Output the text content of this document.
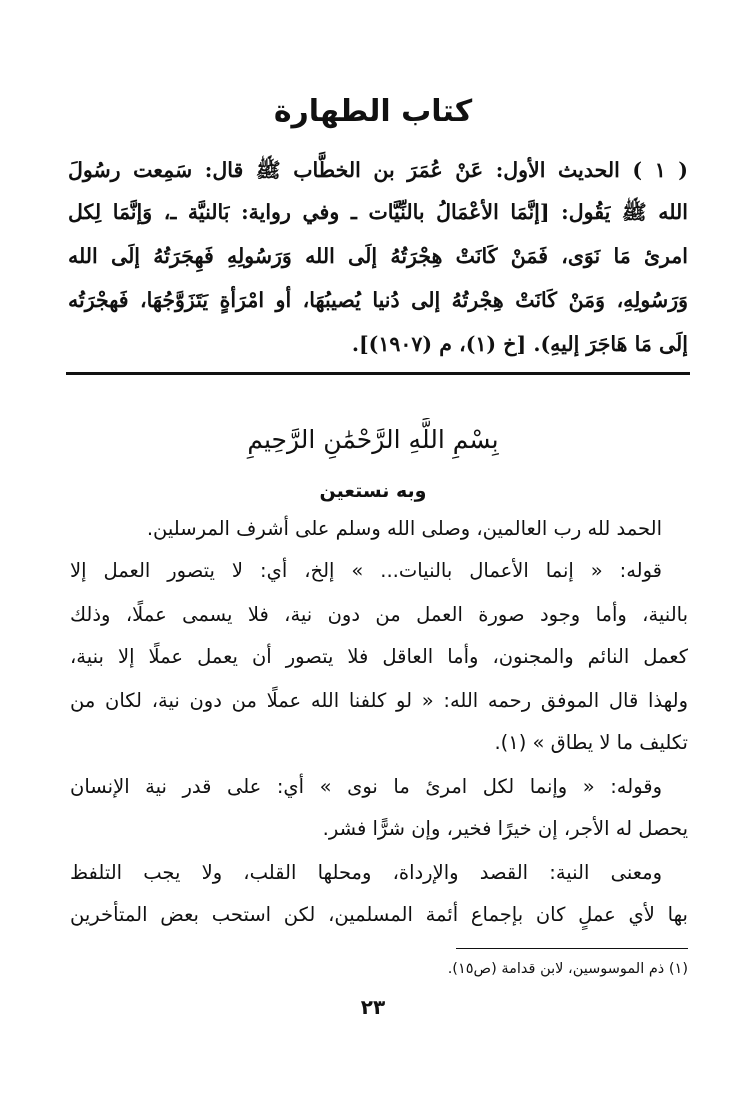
كتاب الطهارة
( ١ ) الحديث الأول: عَنْ عُمَرَ بن الخطَّاب ﷺ قال: سَمِعت رسُولَ
الله ﷺ يَقُول: [إنَّمَا الأعْمَالُ بالنِّيَّات ـ وفي رواية: بَالنيَّة ـ، وَإنَّمَا لِكل
امرئ مَا نَوَى، فَمَنْ كَانَتْ هِجْرَتُهُ إلَى الله وَرَسُولِهِ فَهِجَرَتُهُ إلَى الله
وَرَسُولِهِ، وَمَنْ كَانَتْ هِجْرتُهُ إلى دُنيا يُصيبُهَا، أو امْرَأةٍ يَتَزَوَّجُهَا، فَهجْرَتُه
إلَى مَا هَاجَرَ إليهِ). [خ (١)، م (١٩٠٧)].
بِسْمِ اللَّهِ الرَّحْمَٰنِ الرَّحِيمِ
وبه نستعين
الحمد لله رب العالمين، وصلى الله وسلم على أشرف المرسلين.
قوله: « إنما الأعمال بالنيات... » إلخ، أي: لا يتصور العمل إلا
بالنية، وأما وجود صورة العمل من دون نية، فلا يسمى عملًا، وذلك
كعمل النائم والمجنون، وأما العاقل فلا يتصور أن يعمل عملًا إلا بنية،
ولهذا قال الموفق رحمه الله: « لو كلفنا الله عملًا من دون نية، لكان من
تكليف ما لا يطاق » (١).
وقوله: « وإنما لكل امرئ ما نوى » أي: على قدر نية الإنسان
يحصل له الأجر، إن خيرًا فخير، وإن شرًّا فشر.
ومعنى النية: القصد والإرداة، ومحلها القلب، ولا يجب التلفظ
بها لأي عملٍ كان بإجماع أئمة المسلمين، لكن استحب بعض المتأخرين
(١) ذم الموسوسين، لابن قدامة (ص١٥).
٢٣
